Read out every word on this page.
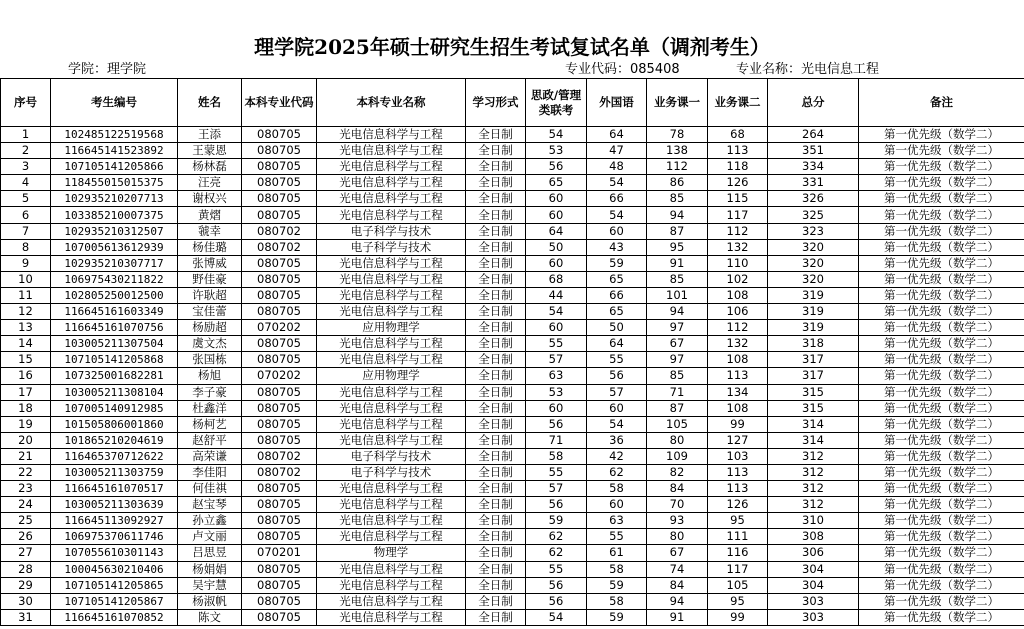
理学院2025年硕士研究生招生考试复试名单（调剂考生）
学院：理学院	专业代码：085408	专业名称：光电信息工程
序号	考生编号	姓名	本科专业代码	本科专业名称	学习形式	思政/管理类联考	外国语	业务课一	业务课二	总分	备注
1	102485122519568	王添	080705	光电信息科学与工程	全日制	54	64	78	68	264	第一优先级（数学二）
2	116645141523892	王蒙恩	080705	光电信息科学与工程	全日制	53	47	138	113	351	第一优先级（数学二）
3	107105141205866	杨林磊	080705	光电信息科学与工程	全日制	56	48	112	118	334	第一优先级（数学二）
4	118455015015375	汪亮	080705	光电信息科学与工程	全日制	65	54	86	126	331	第一优先级（数学二）
5	102935210207713	谢权兴	080705	光电信息科学与工程	全日制	60	66	85	115	326	第一优先级（数学二）
6	103385210007375	黄熠	080705	光电信息科学与工程	全日制	60	54	94	117	325	第一优先级（数学二）
7	102935210312507	虢幸	080702	电子科学与技术	全日制	64	60	87	112	323	第一优先级（数学二）
8	107005613612939	杨佳璐	080702	电子科学与技术	全日制	50	43	95	132	320	第一优先级（数学二）
9	102935210307717	张博威	080705	光电信息科学与工程	全日制	60	59	91	110	320	第一优先级（数学二）
10	106975430211822	野佳豪	080705	光电信息科学与工程	全日制	68	65	85	102	320	第一优先级（数学二）
11	102805250012500	许耿超	080705	光电信息科学与工程	全日制	44	66	101	108	319	第一优先级（数学二）
12	116645161603349	宝佳蕾	080705	光电信息科学与工程	全日制	54	65	94	106	319	第一优先级（数学二）
13	116645161070756	杨励超	070202	应用物理学	全日制	60	50	97	112	319	第一优先级（数学二）
14	103005211307504	虞文杰	080705	光电信息科学与工程	全日制	55	64	67	132	318	第一优先级（数学二）
15	107105141205868	张国栋	080705	光电信息科学与工程	全日制	57	55	97	108	317	第一优先级（数学二）
16	107325001682281	杨旭	070202	应用物理学	全日制	63	56	85	113	317	第一优先级（数学二）
17	103005211308104	李子豪	080705	光电信息科学与工程	全日制	53	57	71	134	315	第一优先级（数学二）
18	107005140912985	杜鑫洋	080705	光电信息科学与工程	全日制	60	60	87	108	315	第一优先级（数学二）
19	101505806001860	杨柯艺	080705	光电信息科学与工程	全日制	56	54	105	99	314	第一优先级（数学二）
20	101865210204619	赵舒平	080705	光电信息科学与工程	全日制	71	36	80	127	314	第一优先级（数学二）
21	116465370712622	高荣谦	080702	电子科学与技术	全日制	58	42	109	103	312	第一优先级（数学二）
22	103005211303759	李佳阳	080702	电子科学与技术	全日制	55	62	82	113	312	第一优先级（数学二）
23	116645161070517	何佳祺	080705	光电信息科学与工程	全日制	57	58	84	113	312	第一优先级（数学二）
24	103005211303639	赵宝琴	080705	光电信息科学与工程	全日制	56	60	70	126	312	第一优先级（数学二）
25	116645113092927	孙立鑫	080705	光电信息科学与工程	全日制	59	63	93	95	310	第一优先级（数学二）
26	106975370611746	卢文丽	080705	光电信息科学与工程	全日制	62	55	80	111	308	第一优先级（数学二）
27	107055610301143	吕思昱	070201	物理学	全日制	62	61	67	116	306	第一优先级（数学二）
28	100045630210406	杨娟娟	080705	光电信息科学与工程	全日制	55	58	74	117	304	第一优先级（数学二）
29	107105141205865	吴宇慧	080705	光电信息科学与工程	全日制	56	59	84	105	304	第一优先级（数学二）
30	107105141205867	杨淑帆	080705	光电信息科学与工程	全日制	56	58	94	95	303	第一优先级（数学二）
31	116645161070852	陈文	080705	光电信息科学与工程	全日制	54	59	91	99	303	第一优先级（数学二）
